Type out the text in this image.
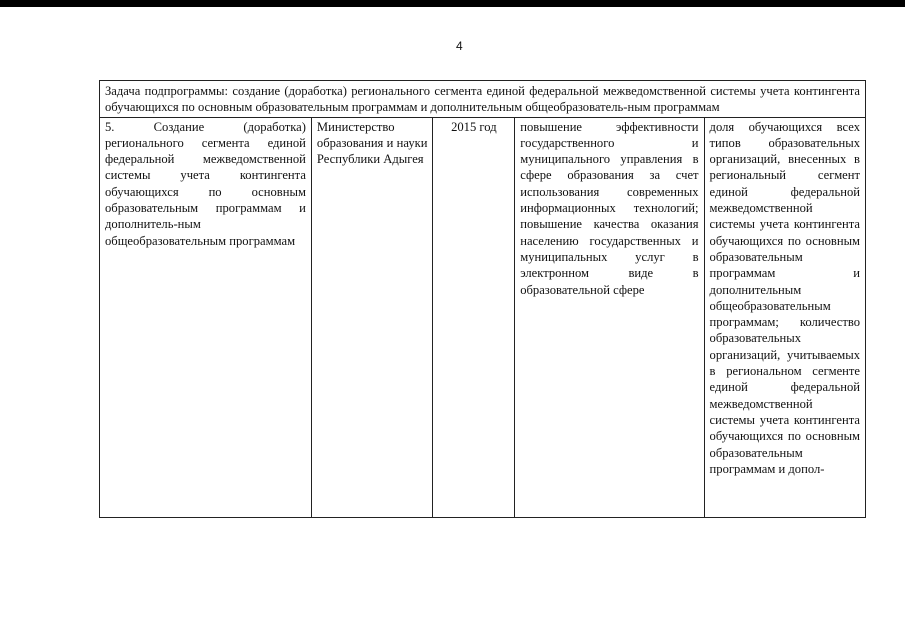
4
Задача подпрограммы: создание (доработка) регионального сегмента единой федеральной межведомственной системы учета контингента обучающихся по основным образовательным программам и дополнительным общеобразователь-ным программам
5. Создание (доработка) регионального сегмента единой федеральной межведомственной системы учета контингента обучающихся по основным образовательным программам и дополнитель-ным общеобразовательным программам	Министерство образования и науки Республики Адыгея	2015 год	повышение эффективности государственного и муниципального управления в сфере образования за счет использования современных информационных технологий; повышение качества оказания населению государственных и муниципальных услуг в электронном виде в образовательной сфере	доля обучающихся всех типов образовательных организаций, внесенных в региональный сегмент единой федеральной межведомственной системы учета контингента обучающихся по основным образовательным программам и дополнительным общеобразовательным программам; количество образовательных организаций, учитываемых в региональном сегменте единой федеральной межведомственной системы учета контингента обучающихся по основным образовательным программам и допол-
